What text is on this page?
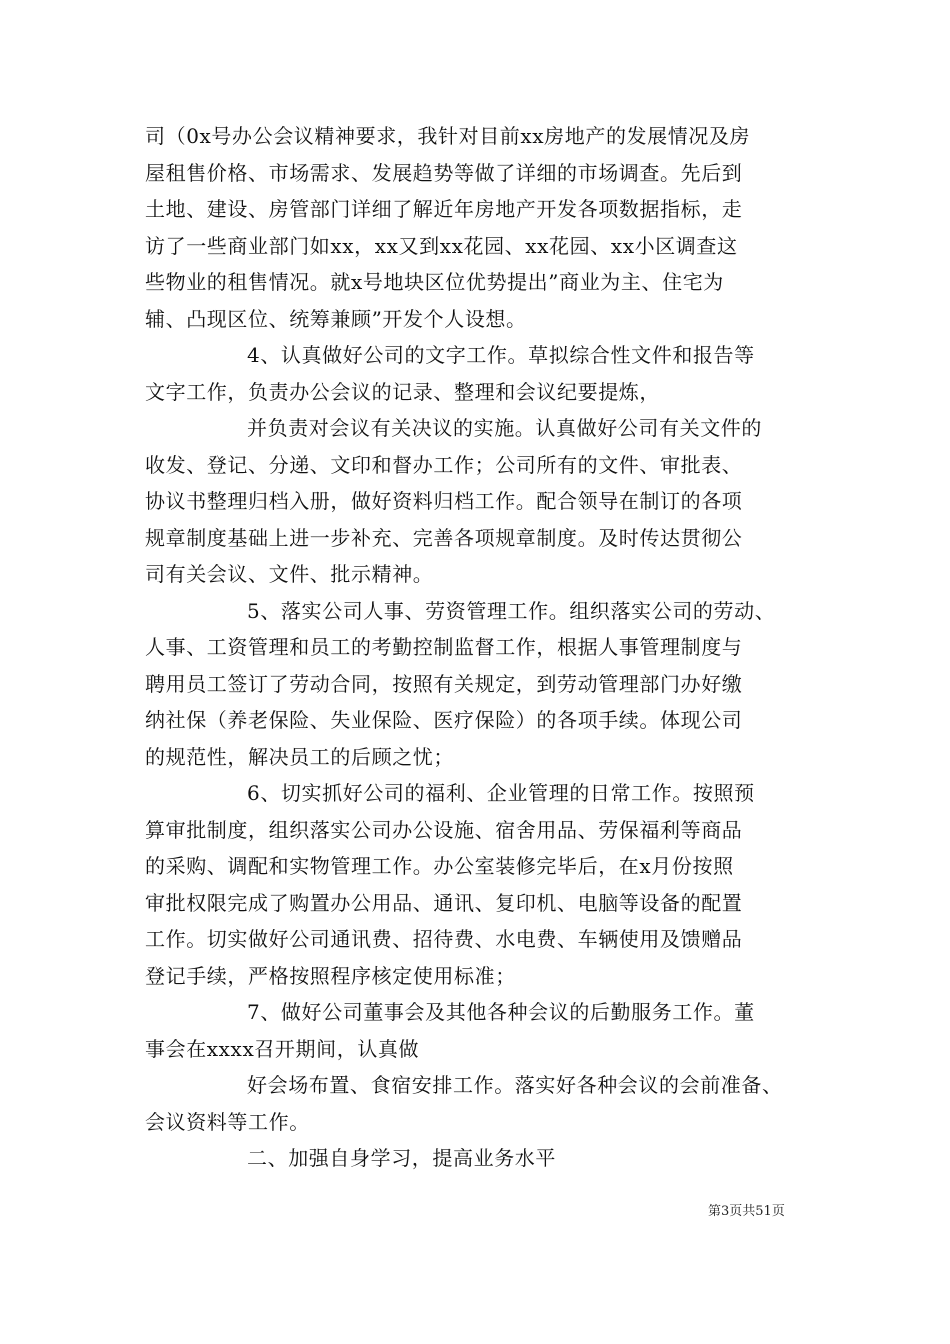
司（0x号办公会议精神要求，我针对目前xx房地产的发展情况及房
屋租售价格、市场需求、发展趋势等做了详细的市场调查。先后到
土地、建设、房管部门详细了解近年房地产开发各项数据指标，走
访了一些商业部门如xx，xx又到xx花园、xx花园、xx小区调查这
些物业的租售情况。就x号地块区位优势提出”商业为主、住宅为
辅、凸现区位、统筹兼顾”开发个人设想。
4、认真做好公司的文字工作。草拟综合性文件和报告等
文字工作，负责办公会议的记录、整理和会议纪要提炼，
并负责对会议有关决议的实施。认真做好公司有关文件的
收发、登记、分递、文印和督办工作；公司所有的文件、审批表、
协议书整理归档入册，做好资料归档工作。配合领导在制订的各项
规章制度基础上进一步补充、完善各项规章制度。及时传达贯彻公
司有关会议、文件、批示精神。
5、落实公司人事、劳资管理工作。组织落实公司的劳动、
人事、工资管理和员工的考勤控制监督工作，根据人事管理制度与
聘用员工签订了劳动合同，按照有关规定，到劳动管理部门办好缴
纳社保（养老保险、失业保险、医疗保险）的各项手续。体现公司
的规范性，解决员工的后顾之忧；
6、切实抓好公司的福利、企业管理的日常工作。按照预
算审批制度，组织落实公司办公设施、宿舍用品、劳保福利等商品
的采购、调配和实物管理工作。办公室装修完毕后，在x月份按照
审批权限完成了购置办公用品、通讯、复印机、电脑等设备的配置
工作。切实做好公司通讯费、招待费、水电费、车辆使用及馈赠品
登记手续，严格按照程序核定使用标准；
7、做好公司董事会及其他各种会议的后勤服务工作。董
事会在xxxx召开期间，认真做
好会场布置、食宿安排工作。落实好各种会议的会前准备、
会议资料等工作。
二、加强自身学习，提高业务水平
第3页共51页
